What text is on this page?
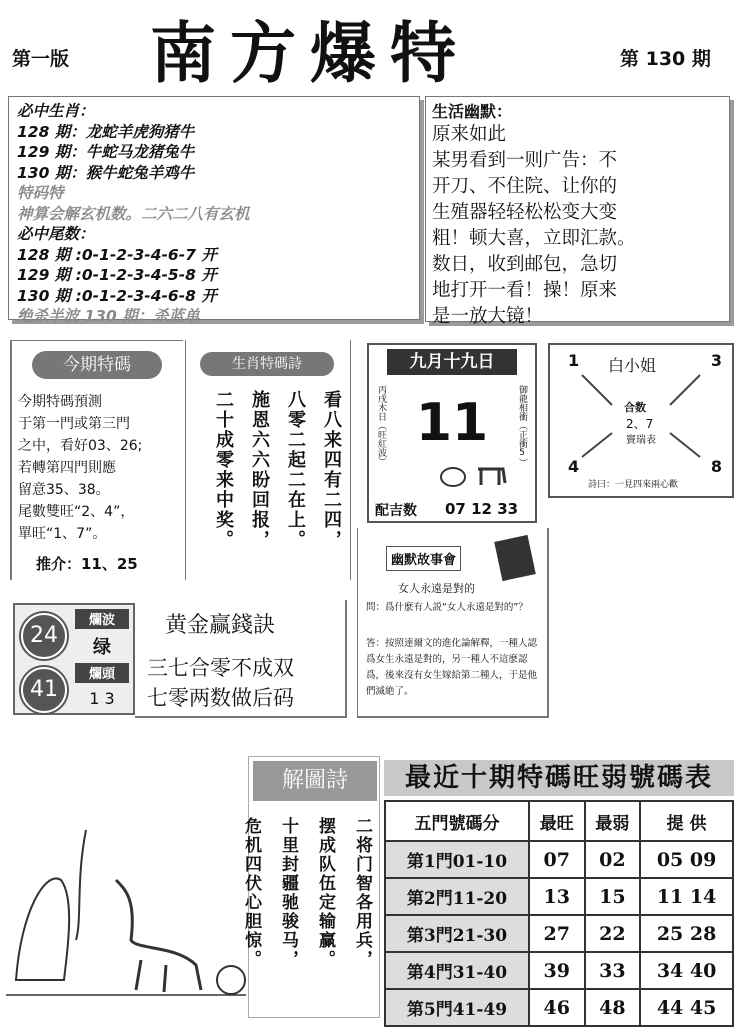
第一版 南方爆特	第 130 期
必中生肖：
128 期：龙蛇羊虎狗猪牛
129 期：牛蛇马龙猪兔牛
130 期：猴牛蛇兔羊鸡牛
特码特
神算会解玄机数。二六二八有玄机
必中尾数：
128 期 :0-1-2-3-4-6-7 开
129 期 :0-1-2-3-4-5-8 开
130 期 :0-1-2-3-4-6-8 开
绝杀半波 130 期：杀蓝单
生活幽默：
原来如此
某男看到一则广告：不
开刀、不住院、让你的
生殖器轻轻松松变大变
粗！顿大喜，立即汇款。
数日，收到邮包，急切
地打开一看！操！原来
是一放大镜！
今期特碼
今期特碼預測
于第一門或第三門
之中，看好03、26;
若轉第四門則應
留意35、38。
尾數雙旺“2、4”，
單旺“1、7”。
推介：11、25
生肖特碼詩
看八来四有二四，
八零二起二在上。
施恩六六盼回报，
二十成零来中奖。
九月十九日
丙戌木日（旺紅波）	御龍相衝（正衝5）
11
配吉数 07 12 33
白小姐
1	3
4	8
合数
2、7
竇瑞表
詩曰：一見四來兩心歡
24
爛波
绿
41
爛頭
1 3
黄金赢錢訣
三七合零不成双
七零两数做后码
幽默故事會
女人永遠是對的
問：爲什麽有人説“女人永遠是對的”？
答：按照達爾文的進化論解釋，一種人認爲女生永遠是對的，另一種人不這麽認爲，後來沒有女生嫁給第二種人，于是他們滅絶了。
解圖詩
二将门智各用兵，
摆成队伍定输赢。
十里封疆驰骏马，
危机四伏心胆惊。
最近十期特碼旺弱號碼表
五門號碼分	最旺	最弱	提 供
第1門01-10	07	02	05 09
第2門11-20	13	15	11 14
第3門21-30	27	22	25 28
第4門31-40	39	33	34 40
第5門41-49	46	48	44 45
